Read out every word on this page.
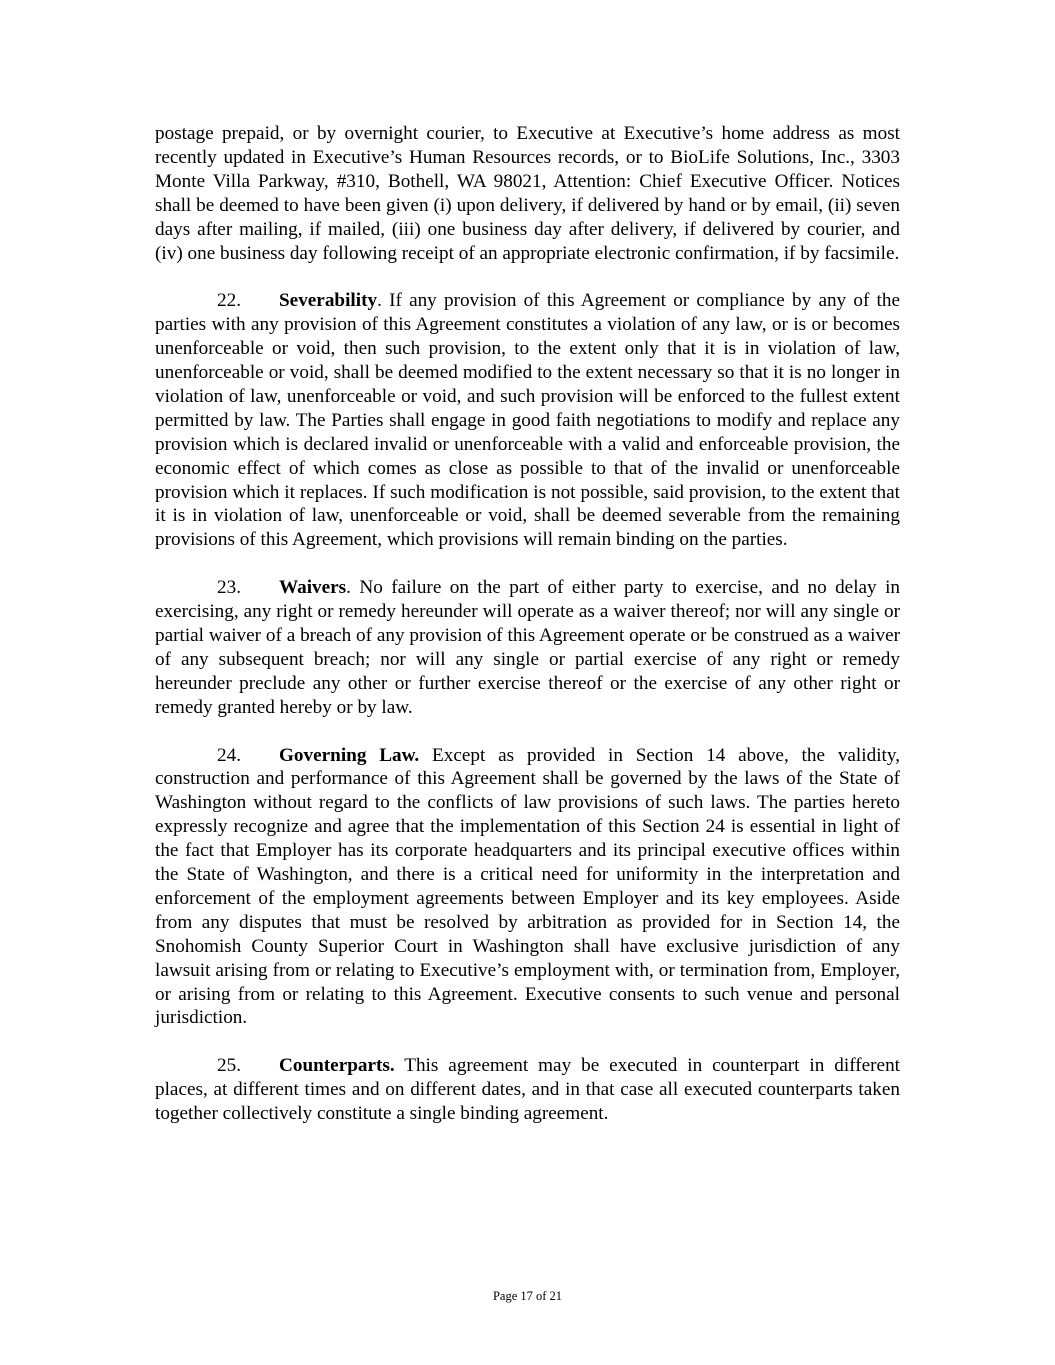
postage prepaid, or by overnight courier, to Executive at Executive’s home address as most recently updated in Executive’s Human Resources records, or to BioLife Solutions, Inc., 3303 Monte Villa Parkway, #310, Bothell, WA 98021, Attention: Chief Executive Officer. Notices shall be deemed to have been given (i) upon delivery, if delivered by hand or by email, (ii) seven days after mailing, if mailed, (iii) one business day after delivery, if delivered by courier, and (iv) one business day following receipt of an appropriate electronic confirmation, if by facsimile.

22. Severability. If any provision of this Agreement or compliance by any of the parties with any provision of this Agreement constitutes a violation of any law, or is or becomes unenforceable or void, then such provision, to the extent only that it is in violation of law, unenforceable or void, shall be deemed modified to the extent necessary so that it is no longer in violation of law, unenforceable or void, and such provision will be enforced to the fullest extent permitted by law. The Parties shall engage in good faith negotiations to modify and replace any provision which is declared invalid or unenforceable with a valid and enforceable provision, the economic effect of which comes as close as possible to that of the invalid or unenforceable provision which it replaces. If such modification is not possible, said provision, to the extent that it is in violation of law, unenforceable or void, shall be deemed severable from the remaining provisions of this Agreement, which provisions will remain binding on the parties.

23. Waivers. No failure on the part of either party to exercise, and no delay in exercising, any right or remedy hereunder will operate as a waiver thereof; nor will any single or partial waiver of a breach of any provision of this Agreement operate or be construed as a waiver of any subsequent breach; nor will any single or partial exercise of any right or remedy hereunder preclude any other or further exercise thereof or the exercise of any other right or remedy granted hereby or by law.

24. Governing Law. Except as provided in Section 14 above, the validity, construction and performance of this Agreement shall be governed by the laws of the State of Washington without regard to the conflicts of law provisions of such laws. The parties hereto expressly recognize and agree that the implementation of this Section 24 is essential in light of the fact that Employer has its corporate headquarters and its principal executive offices within the State of Washington, and there is a critical need for uniformity in the interpretation and enforcement of the employment agreements between Employer and its key employees. Aside from any disputes that must be resolved by arbitration as provided for in Section 14, the Snohomish County Superior Court in Washington shall have exclusive jurisdiction of any lawsuit arising from or relating to Executive’s employment with, or termination from, Employer, or arising from or relating to this Agreement. Executive consents to such venue and personal jurisdiction.

25. Counterparts. This agreement may be executed in counterpart in different places, at different times and on different dates, and in that case all executed counterparts taken together collectively constitute a single binding agreement.

Page 17 of 21
